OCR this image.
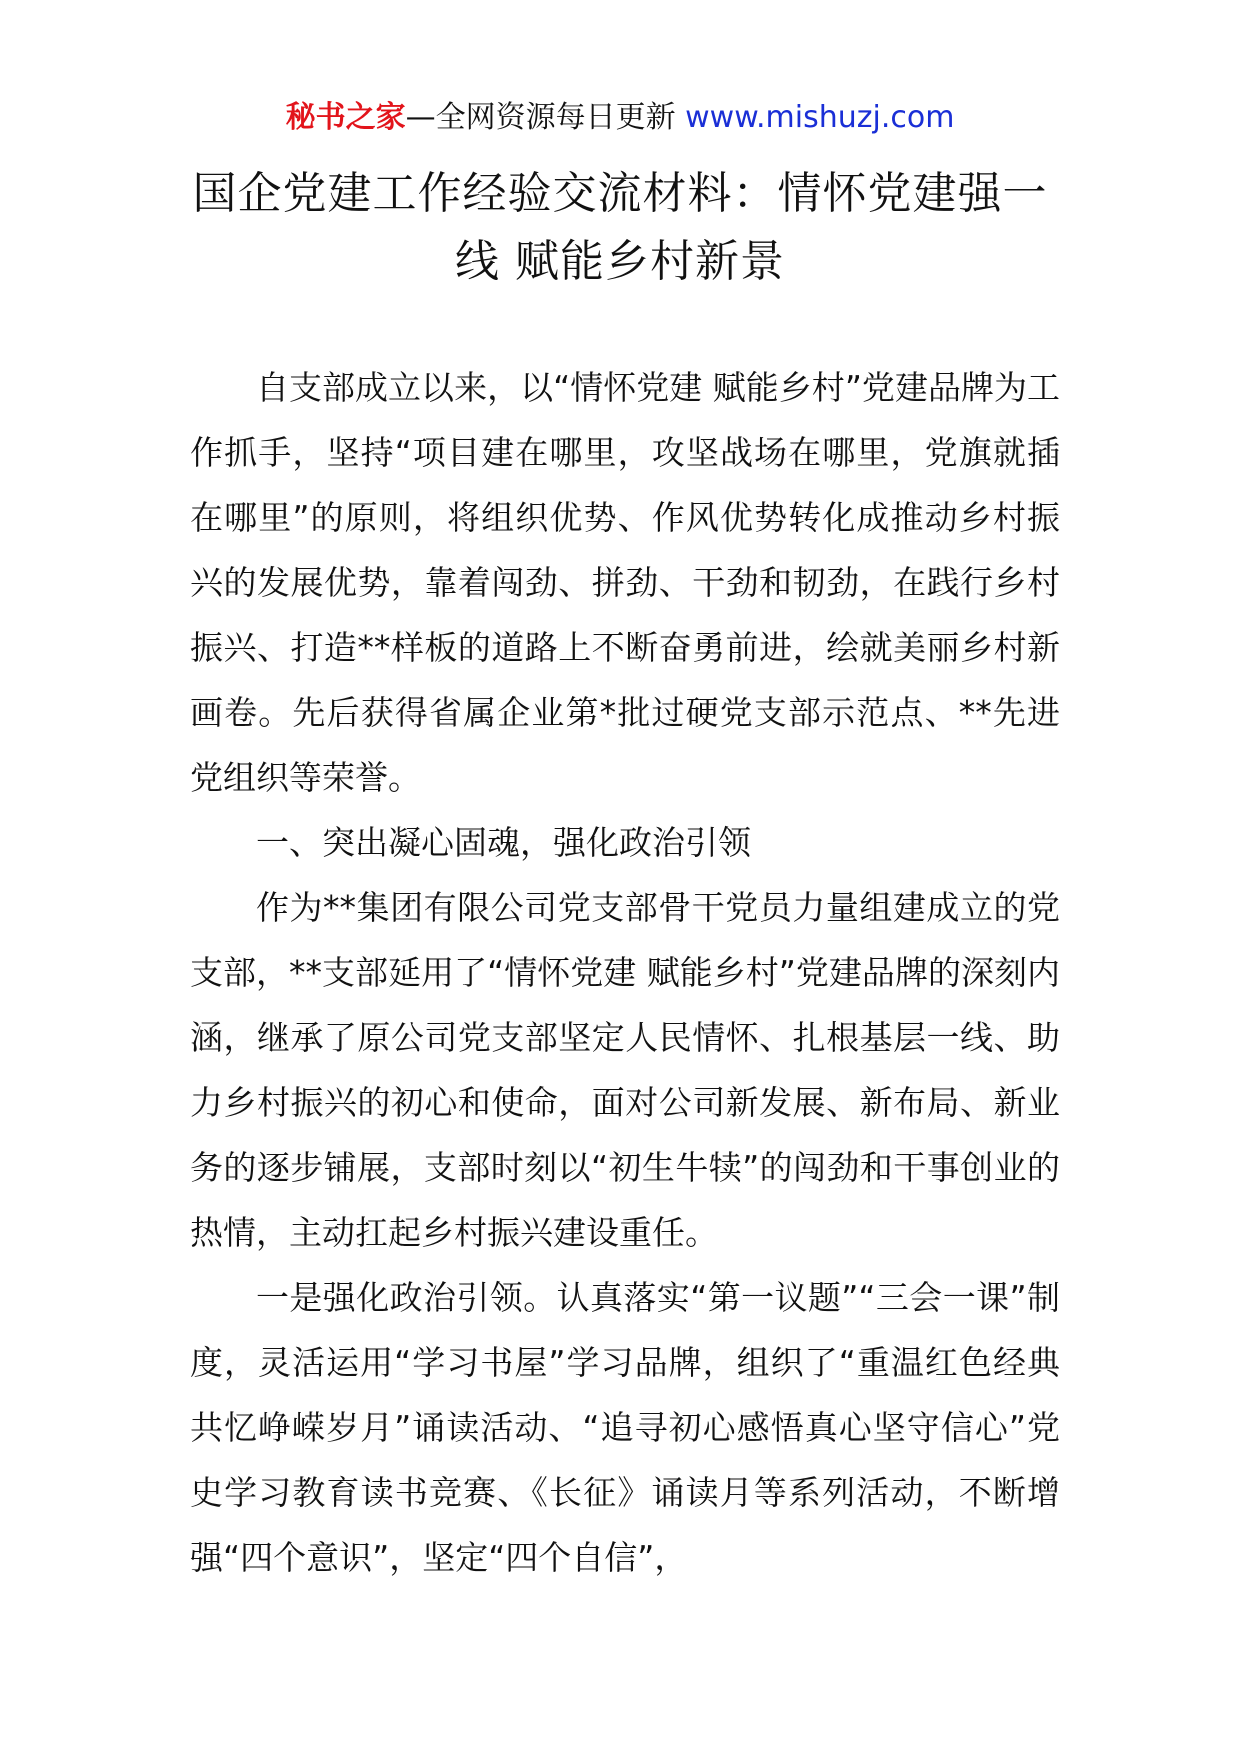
秘书之家—全网资源每日更新 www.mishuzj.com
国企党建工作经验交流材料：情怀党建强一线 赋能乡村新景

自支部成立以来，以“情怀党建 赋能乡村”党建品牌为工作抓手，坚持“项目建在哪里，攻坚战场在哪里，党旗就插在哪里”的原则，将组织优势、作风优势转化成推动乡村振兴的发展优势，靠着闯劲、拼劲、干劲和韧劲，在践行乡村振兴、打造**样板的道路上不断奋勇前进，绘就美丽乡村新画卷。先后获得省属企业第*批过硬党支部示范点、**先进党组织等荣誉。

一、突出凝心固魂，强化政治引领

作为**集团有限公司党支部骨干党员力量组建成立的党支部，**支部延用了“情怀党建 赋能乡村”党建品牌的深刻内涵，继承了原公司党支部坚定人民情怀、扎根基层一线、助力乡村振兴的初心和使命，面对公司新发展、新布局、新业务的逐步铺展，支部时刻以“初生牛犊”的闯劲和干事创业的热情，主动扛起乡村振兴建设重任。

一是强化政治引领。认真落实“第一议题”“三会一课”制度，灵活运用“学习书屋”学习品牌，组织了“重温红色经典共忆峥嵘岁月”诵读活动、“追寻初心感悟真心坚守信心”党史学习教育读书竞赛、《长征》诵读月等系列活动，不断增强“四个意识”，坚定“四个自信”，
